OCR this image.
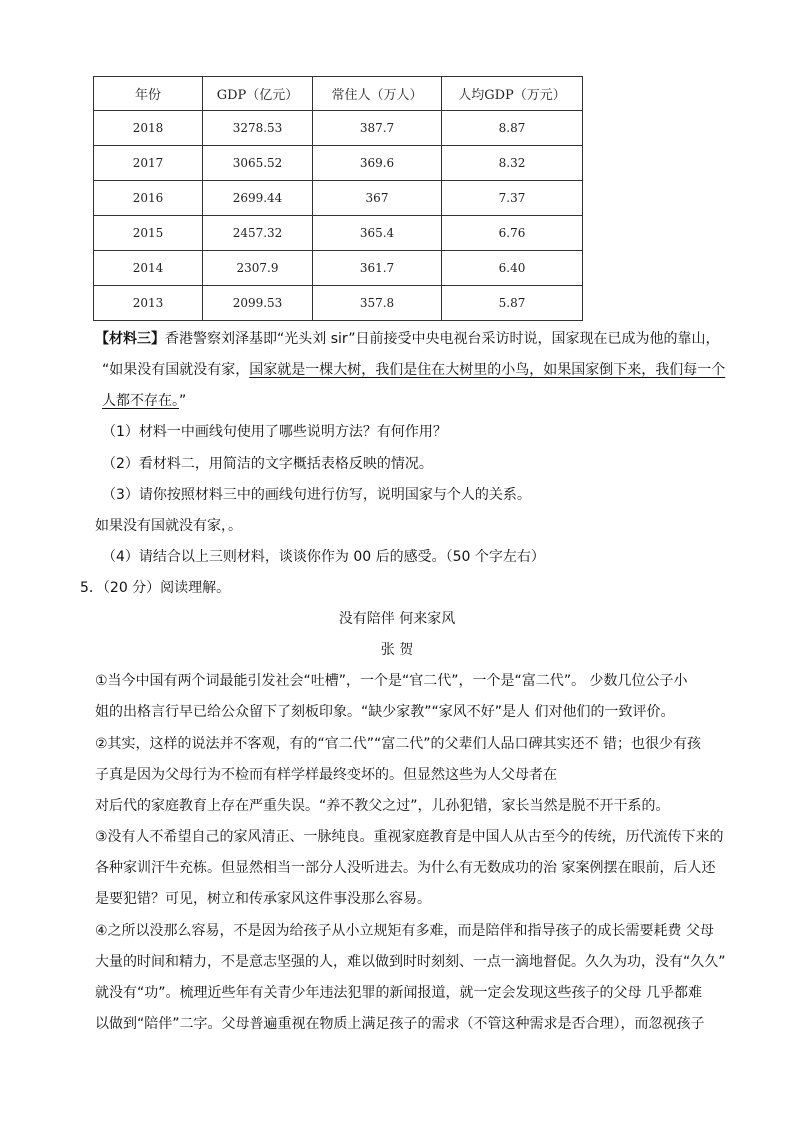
年份	GDP（亿元）	常住人（万人）	人均GDP（万元）
2018	3278.53	387.7	8.87
2017	3065.52	369.6	8.32
2016	2699.44	367	7.37
2015	2457.32	365.4	6.76
2014	2307.9	361.7	6.40
2013	2099.53	357.8	5.87
【材料三】香港警察刘泽基即“光头刘 sir”日前接受中央电视台采访时说，国家现在已成为他的靠山，
“如果没有国就没有家，国家就是一棵大树，我们是住在大树里的小鸟，如果国家倒下来，我们每一个
人都不存在。”
（1）材料一中画线句使用了哪些说明方法？有何作用？
（2）看材料二，用简洁的文字概括表格反映的情况。
（3）请你按照材料三中的画线句进行仿写，说明国家与个人的关系。
如果没有国就没有家，。
（4）请结合以上三则材料，谈谈你作为 00 后的感受。（50 个字左右）
5．（20 分）阅读理解。
没有陪伴 何来家风
张 贺
①当今中国有两个词最能引发社会“吐槽”，一个是“官二代”，一个是“富二代”。 少数几位公子小
姐的出格言行早已给公众留下了刻板印象。“缺少家教”“家风不好”是人 们对他们的一致评价。
②其实，这样的说法并不客观，有的“官二代”“富二代”的父辈们人品口碑其实还不 错；也很少有孩
子真是因为父母行为不检而有样学样最终变坏的。但显然这些为人父母者在
对后代的家庭教育上存在严重失误。“养不教父之过”，儿孙犯错，家长当然是脱不开干系的。
③没有人不希望自己的家风清正、一脉纯良。重视家庭教育是中国人从古至今的传统，历代流传下来的
各种家训汗牛充栋。但显然相当一部分人没听进去。为什么有无数成功的治 家案例摆在眼前，后人还
是要犯错？可见，树立和传承家风这件事没那么容易。
④之所以没那么容易，不是因为给孩子从小立规矩有多难，而是陪伴和指导孩子的成长需要耗费 父母
大量的时间和精力，不是意志坚强的人，难以做到时时刻刻、一点一滴地督促。久久为功，没有“久久”
就没有“功”。梳理近些年有关青少年违法犯罪的新闻报道，就一定会发现这些孩子的父母 几乎都难
以做到“陪伴”二字。父母普遍重视在物质上满足孩子的需求（不管这种需求是否合理），而忽视孩子
